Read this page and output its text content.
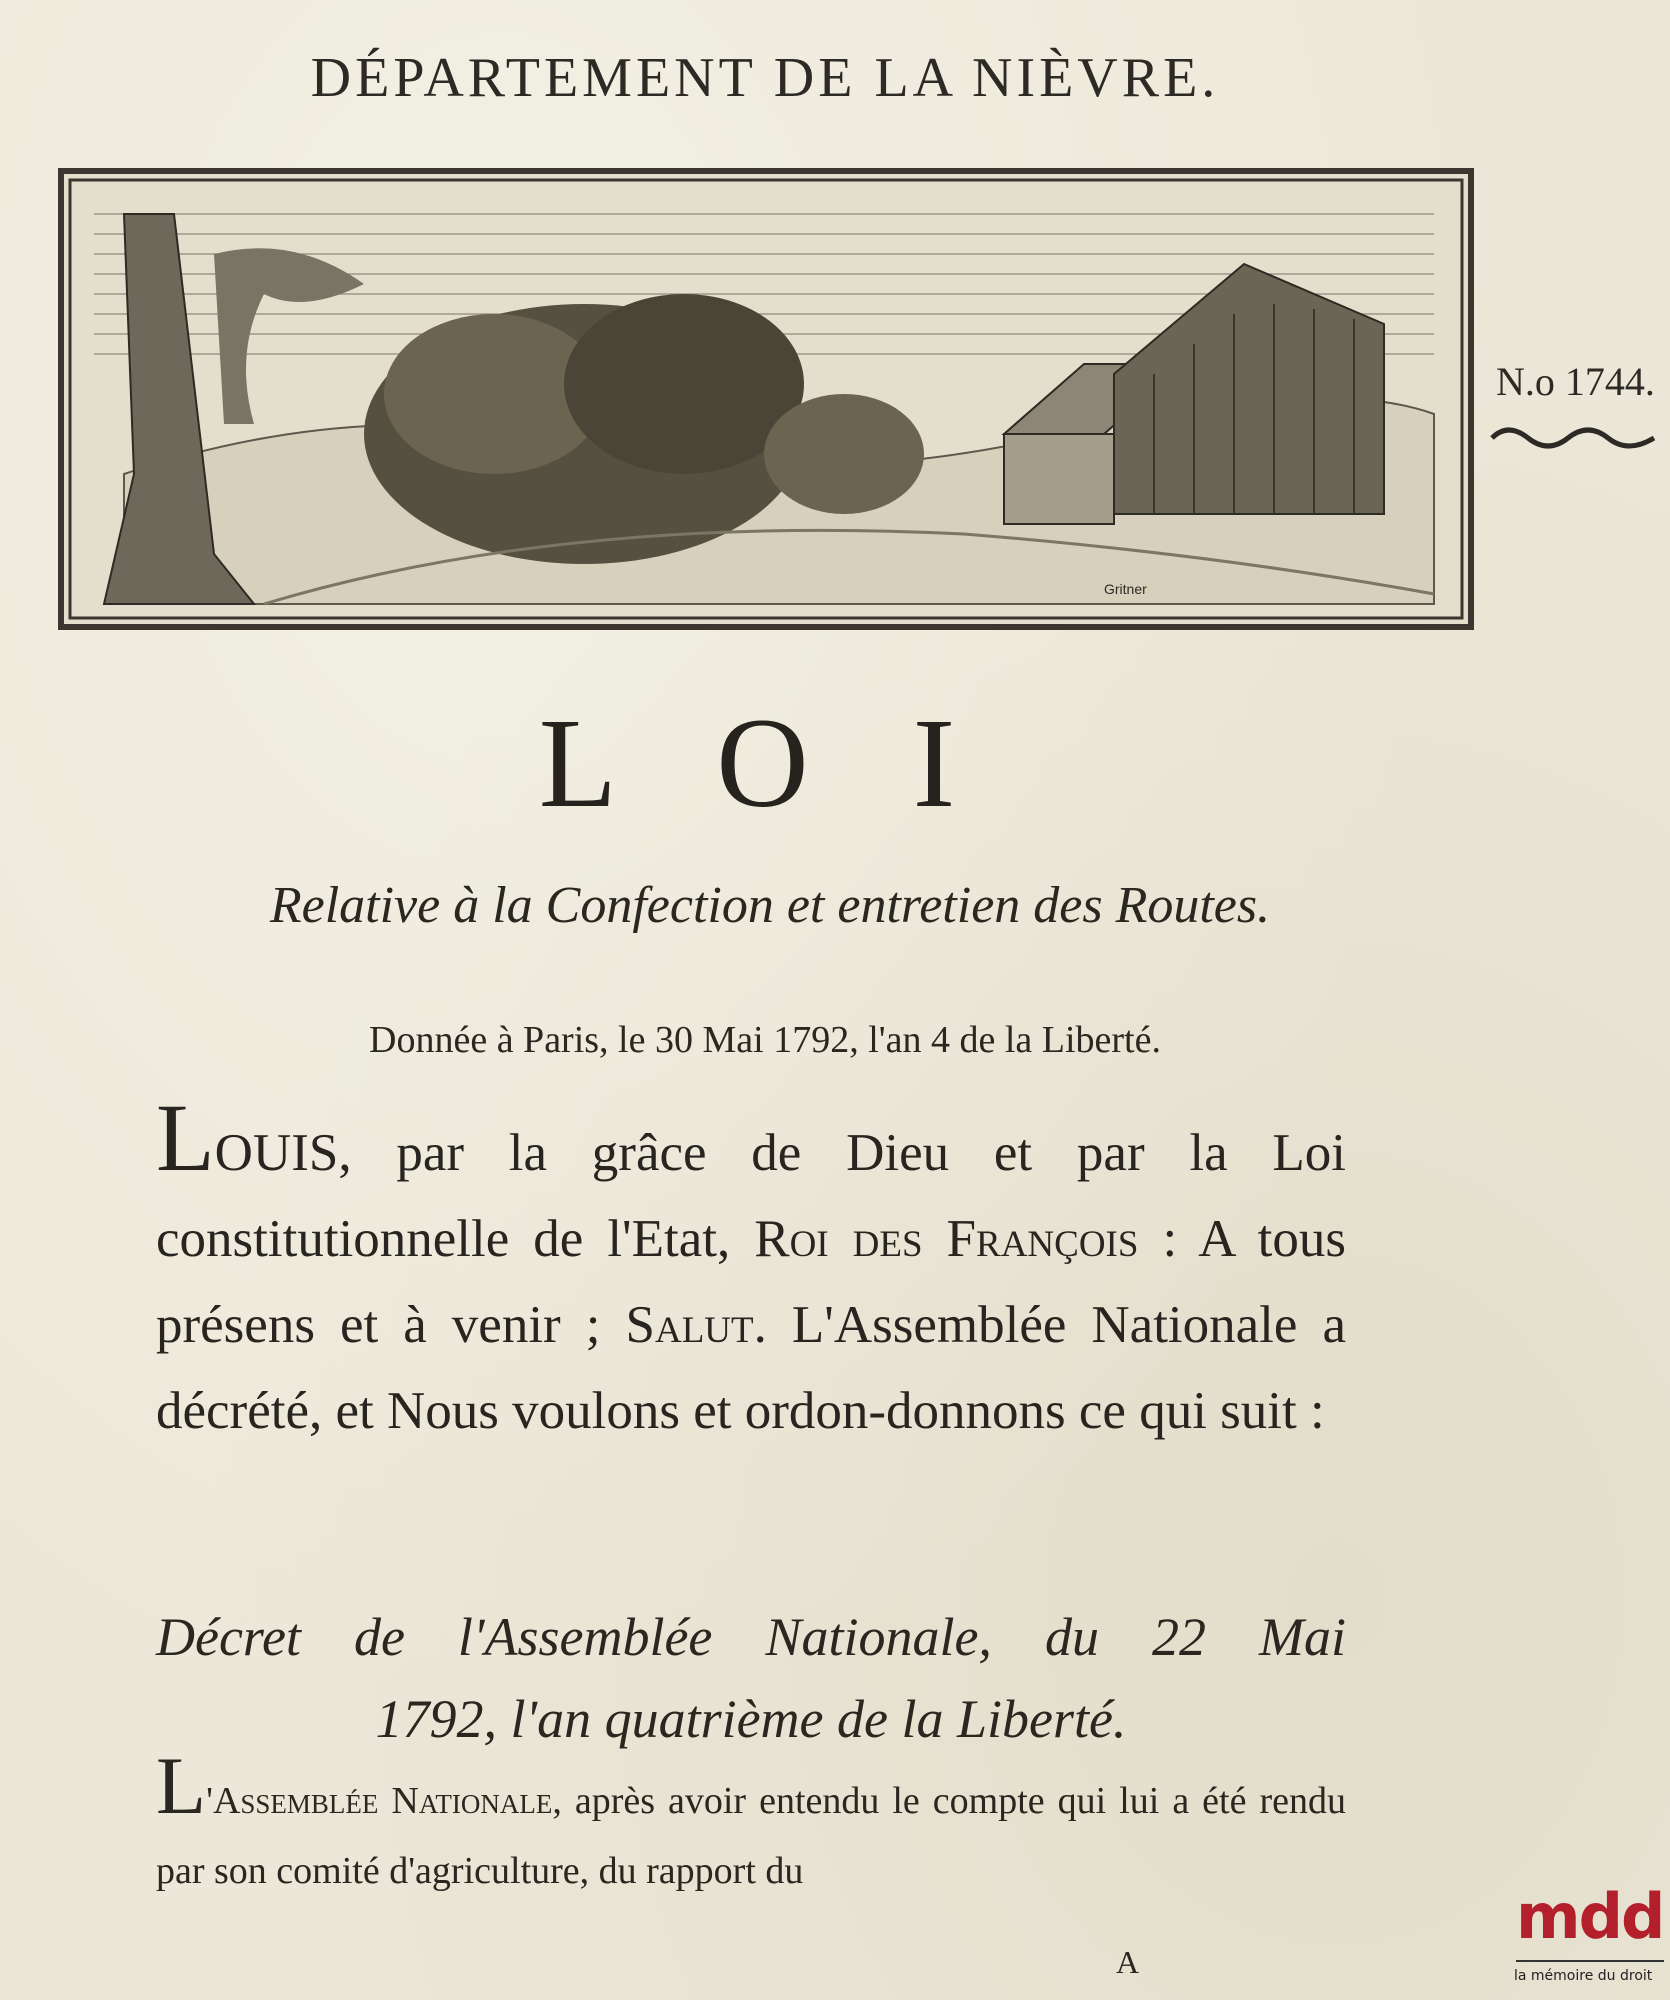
DÉPARTEMENT DE LA NIÈVRE.
Gritner
N.o 1744.
L O I
Relative à la Confection et entretien des Routes.
Donnée à Paris, le 30 Mai 1792, l'an 4 de la Liberté.
LOUIS, par la grâce de Dieu et par la Loi constitutionnelle de l'Etat, Roi des François : A tous présens et à venir ; Salut. L'Assemblée Nationale a décrété, et Nous voulons et ordon-donnons ce qui suit :
Décret de l'Assemblée Nationale, du 22 Mai
1792, l'an quatrième de la Liberté.
L'Assemblée Nationale, après avoir entendu le compte qui lui a été rendu par son comité d'agriculture, du rapport du
A
mdd
la mémoire du droit
